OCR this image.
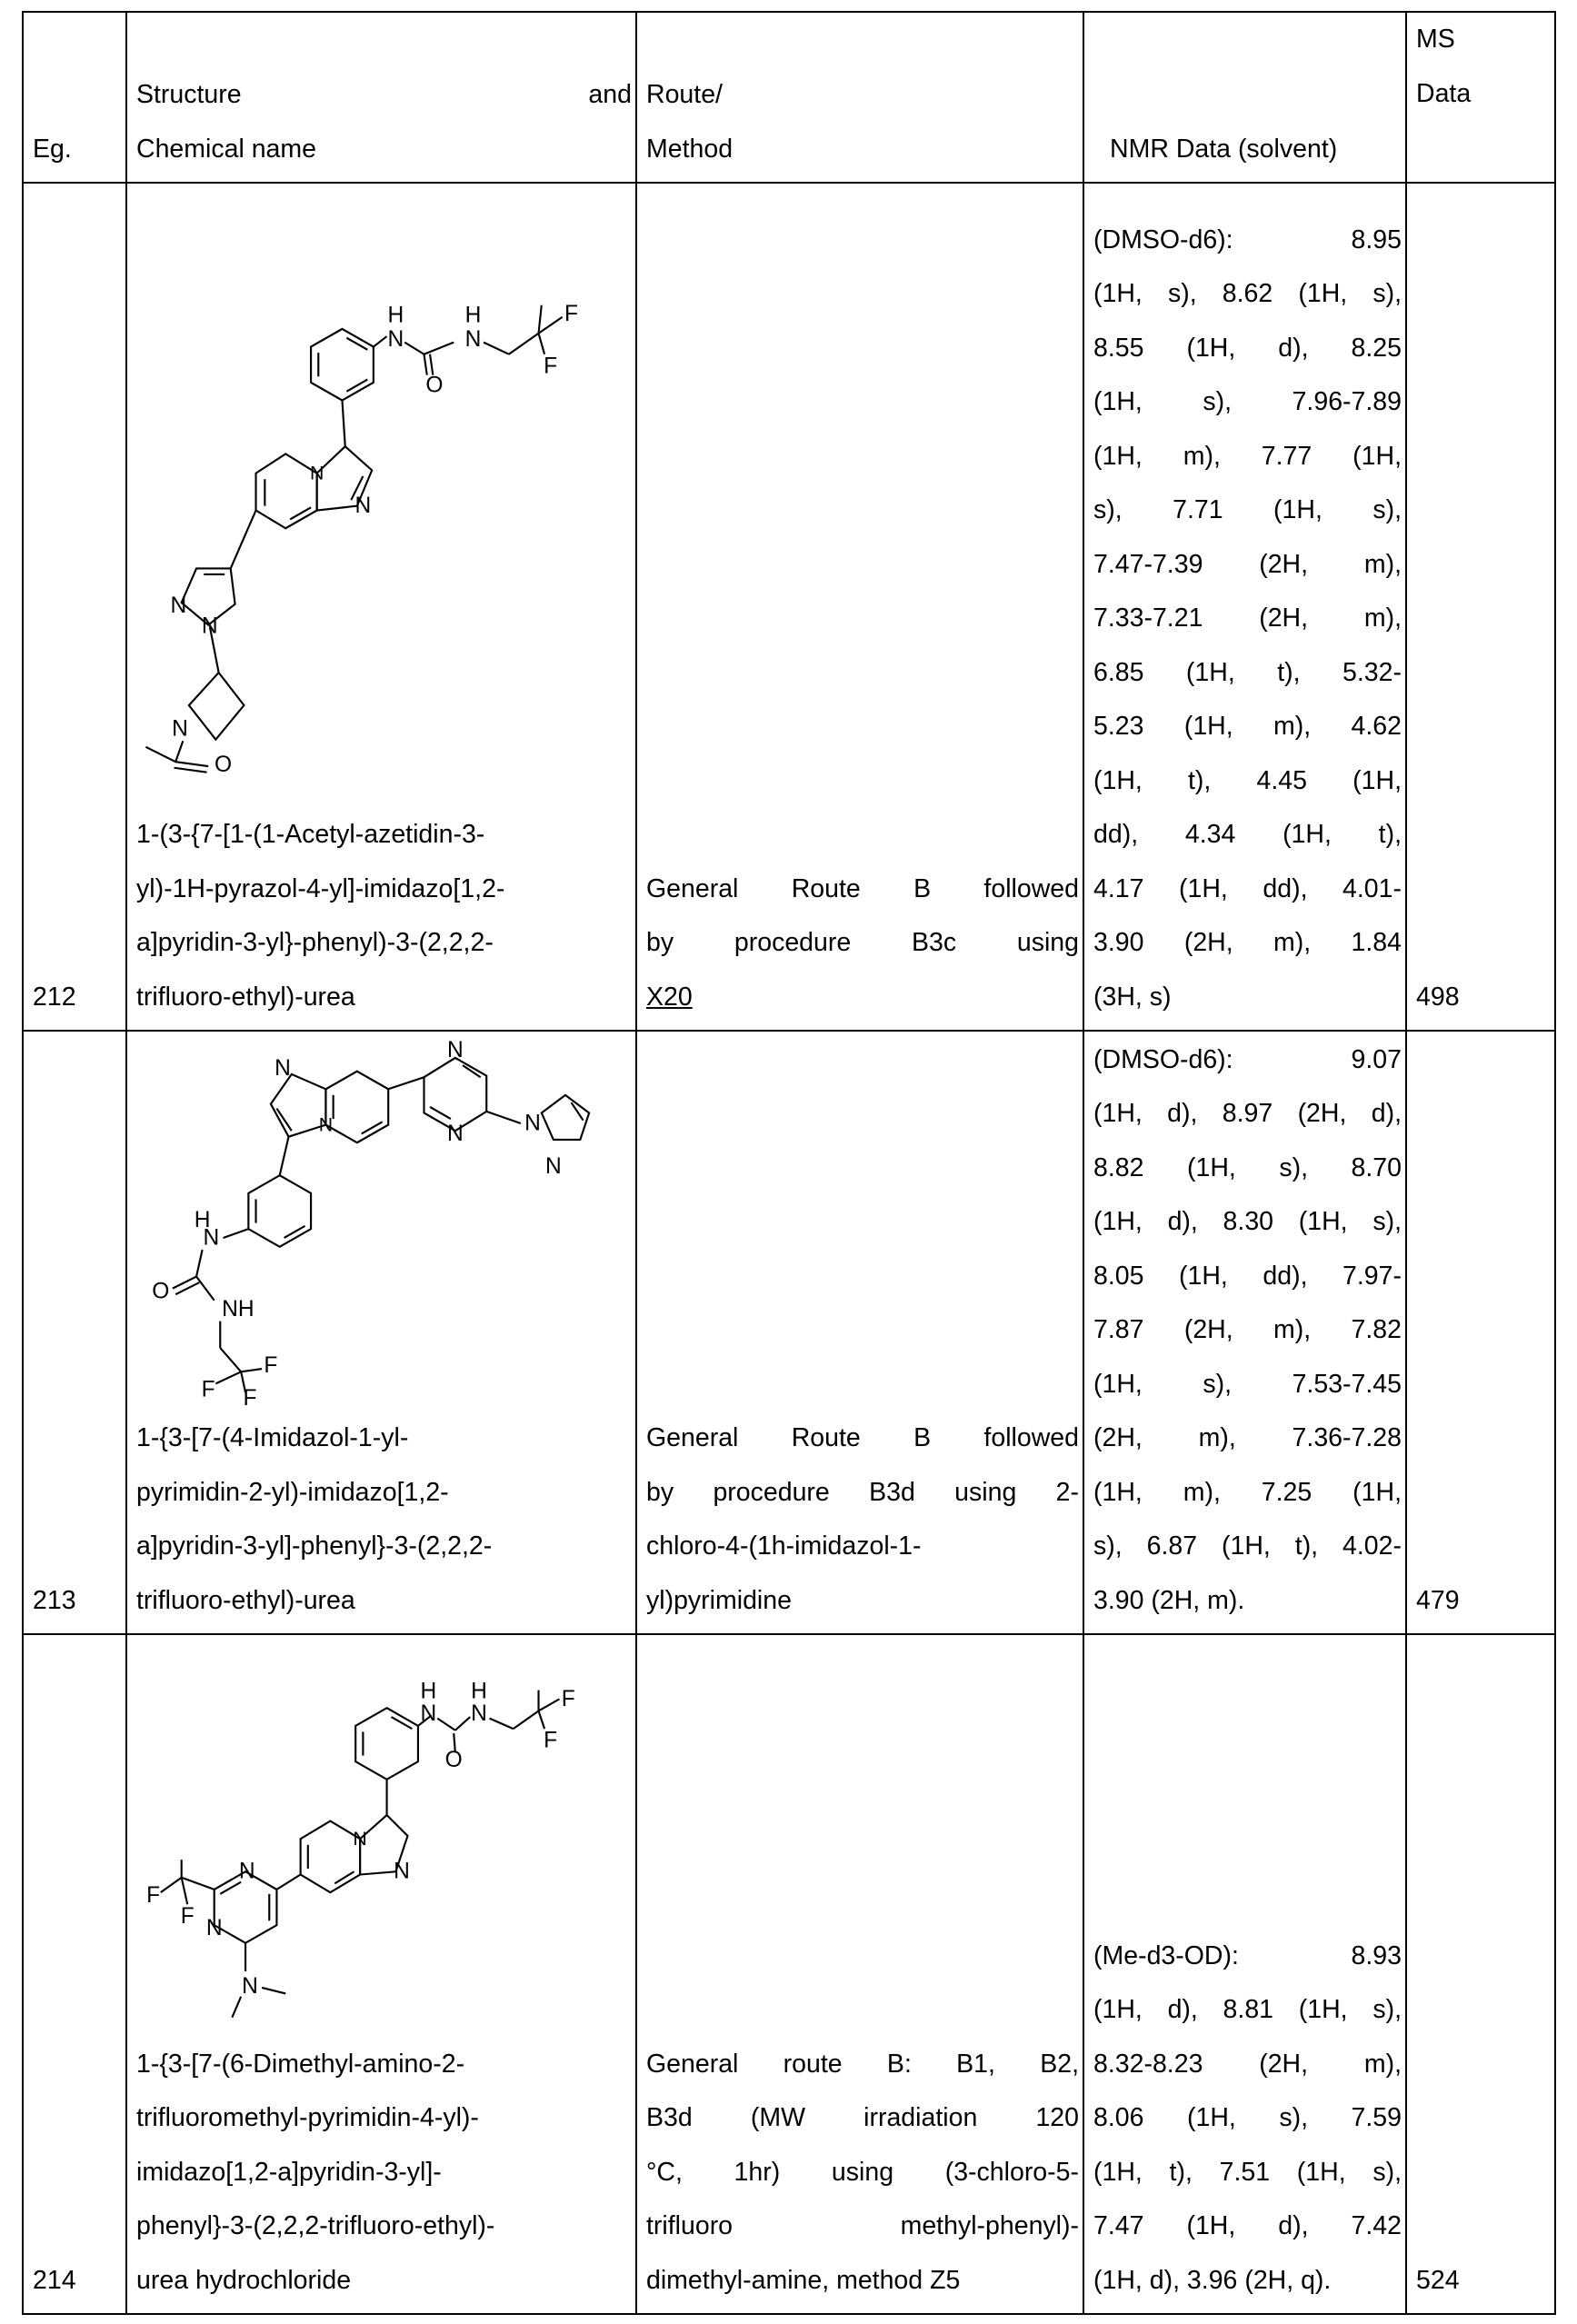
Eg.

Structure and
Chemical name

Route/
Method	NMR Data (solvent)

MS
Data

212

1-(3-{7-[1-(1-Acetyl-azetidin-3-
yl)-1H-pyrazol-4-yl]-imidazo[1,2-
a]pyridin-3-yl}-phenyl)-3-(2,2,2-
trifluoro-ethyl)-urea

General Route B followed
by procedure B3c using
X20	
(DMSO-d6): 8.95
(1H, s), 8.62 (1H, s),
8.55 (1H, d), 8.25
(1H, s), 7.96-7.89
(1H, m), 7.77 (1H,
s), 7.71 (1H, s),
7.47-7.39 (2H, m),
7.33-7.21 (2H, m),
6.85 (1H, t), 5.32-
5.23 (1H, m), 4.62
(1H, t), 4.45 (1H,
dd), 4.34 (1H, t),
4.17 (1H, dd), 4.01-
3.90 (2H, m), 1.84
(3H, s)	498

213

1-{3-[7-(4-Imidazol-1-yl-
pyrimidin-2-yl)-imidazo[1,2-
a]pyridin-3-yl]-phenyl}-3-(2,2,2-
trifluoro-ethyl)-urea

General Route B followed
by procedure B3d using 2-
chloro-4-(1h-imidazol-1-
yl)pyrimidine

(DMSO-d6): 9.07
(1H, d), 8.97 (2H, d),
8.82 (1H, s), 8.70
(1H, d), 8.30 (1H, s),
8.05 (1H, dd), 7.97-
7.87 (2H, m), 7.82
(1H, s), 7.53-7.45
(2H, m), 7.36-7.28
(1H, m), 7.25 (1H,
s), 6.87 (1H, t), 4.02-
3.90 (2H, m).	479

214

1-{3-[7-(6-Dimethyl-amino-2-
trifluoromethyl-pyrimidin-4-yl)-
imidazo[1,2-a]pyridin-3-yl]-
phenyl}-3-(2,2,2-trifluoro-ethyl)-
urea hydrochloride

General route B: B1, B2,
B3d (MW irradiation 120
°C, 1hr) using (3-chloro-5-
trifluoro methyl-phenyl)-
dimethyl-amine, method Z5

(Me-d3-OD): 8.93
(1H, d), 8.81 (1H, s),
8.32-8.23 (2H, m),
8.06 (1H, s), 7.59
(1H, t), 7.51 (1H, s),
7.47 (1H, d), 7.42
(1H, d), 3.96 (2H, q).	524
H
N
O
H
N
F
F
N
N
N
N
N
O
N
N
H
N
O
NH
F F
F
N
N	N
N
H
N
O
H
N
F
F
N
N
N
N
F
F
N
